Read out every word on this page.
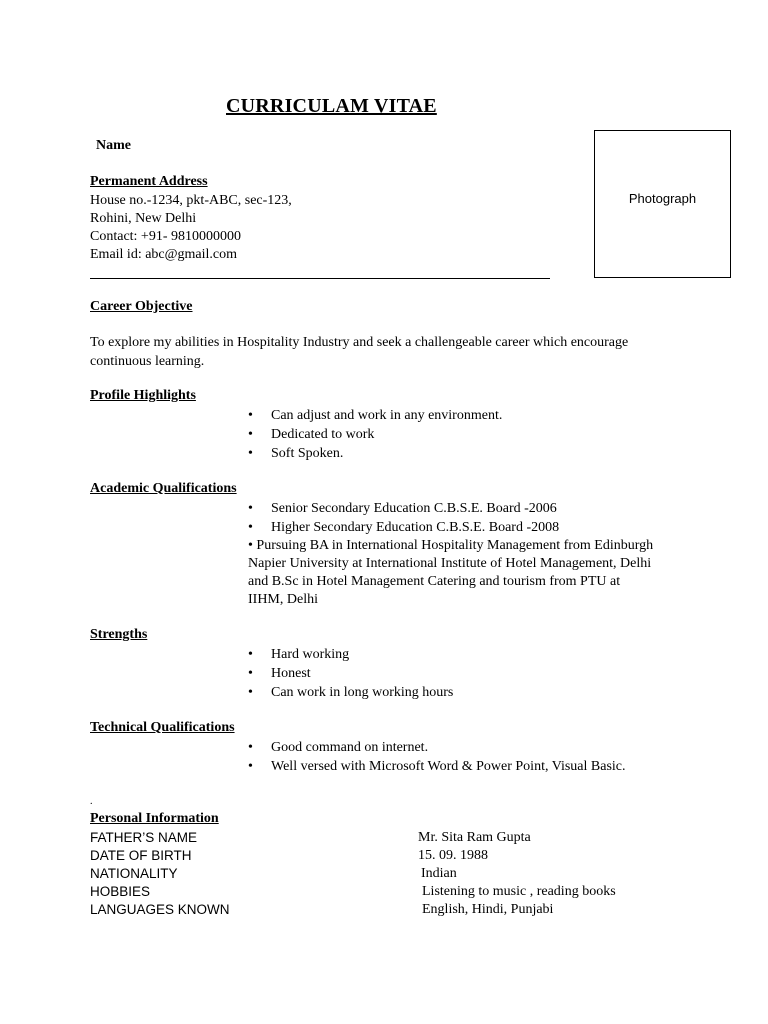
CURRICULAM VITAE
Name
Photograph
Permanent Address
House no.-1234, pkt-ABC, sec-123,
Rohini, New Delhi
Contact: +91- 9810000000
Email id: abc@gmail.com
Career Objective
To explore my abilities in Hospitality Industry and seek a challengeable career which encourage
continuous learning.
Profile Highlights
• Can adjust and work in any environment.
• Dedicated to work
• Soft Spoken.
Academic Qualifications
• Senior Secondary Education C.B.S.E. Board -2006
• Higher Secondary Education C.B.S.E. Board -2008
• Pursuing BA in International Hospitality Management from Edinburgh Napier University at International Institute of Hotel Management, Delhi and B.Sc in Hotel Management Catering and tourism from PTU at IIHM, Delhi
Strengths
• Hard working
• Honest
• Can work in long working hours
Technical Qualifications
• Good command on internet.
• Well versed with Microsoft Word & Power Point, Visual Basic.
.
Personal Information
FATHER’S NAME	Mr. Sita Ram Gupta
DATE OF BIRTH	15. 09. 1988
NATIONALITY	Indian
HOBBIES	Listening to music , reading books
LANGUAGES KNOWN	English, Hindi, Punjabi
